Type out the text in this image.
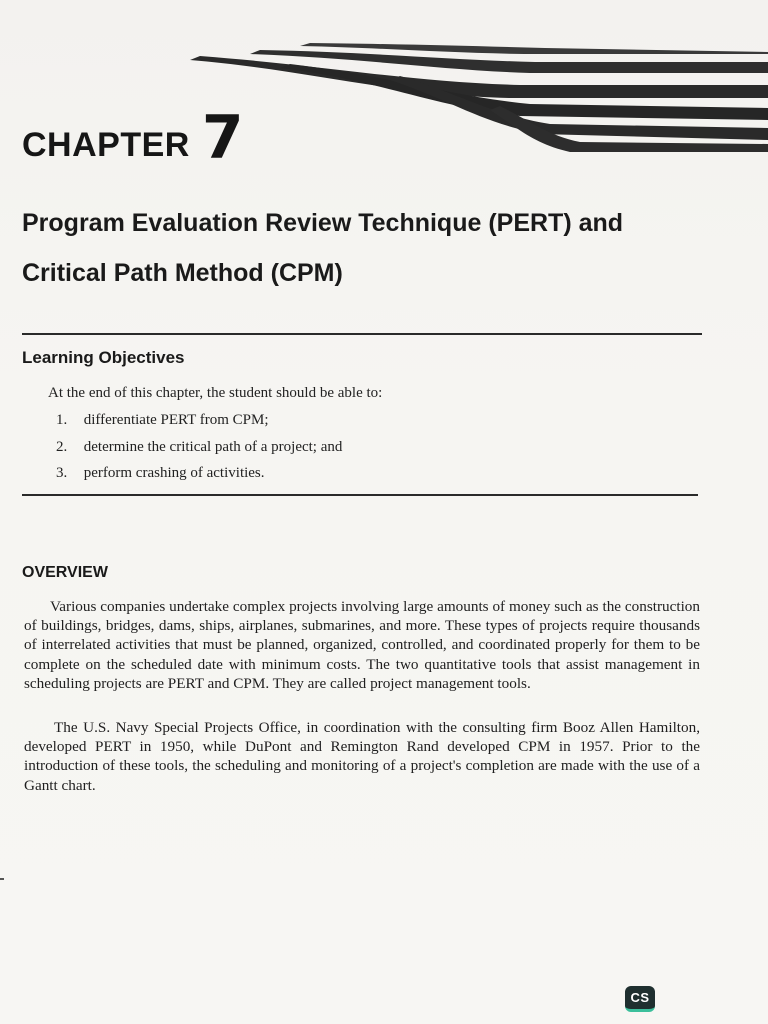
CHAPTER 7
Program Evaluation Review Technique (PERT) and
Critical Path Method (CPM)
Learning Objectives
At the end of this chapter, the student should be able to:
1. differentiate PERT from CPM;
2. determine the critical path of a project; and
3. perform crashing of activities.
OVERVIEW

Various companies undertake complex projects involving large amounts of money such as the construction of buildings, bridges, dams, ships, airplanes, submarines, and more. These types of projects require thousands of interrelated activities that must be planned, organized, controlled, and coordinated properly for them to be complete on the scheduled date with minimum costs. The two quantitative tools that assist management in scheduling projects are PERT and CPM. They are called project management tools.

The U.S. Navy Special Projects Office, in coordination with the consulting firm Booz Allen Hamilton, developed PERT in 1950, while DuPont and Remington Rand developed CPM in 1957. Prior to the introduction of these tools, the scheduling and monitoring of a project's completion are made with the use of a Gantt chart.

CS
